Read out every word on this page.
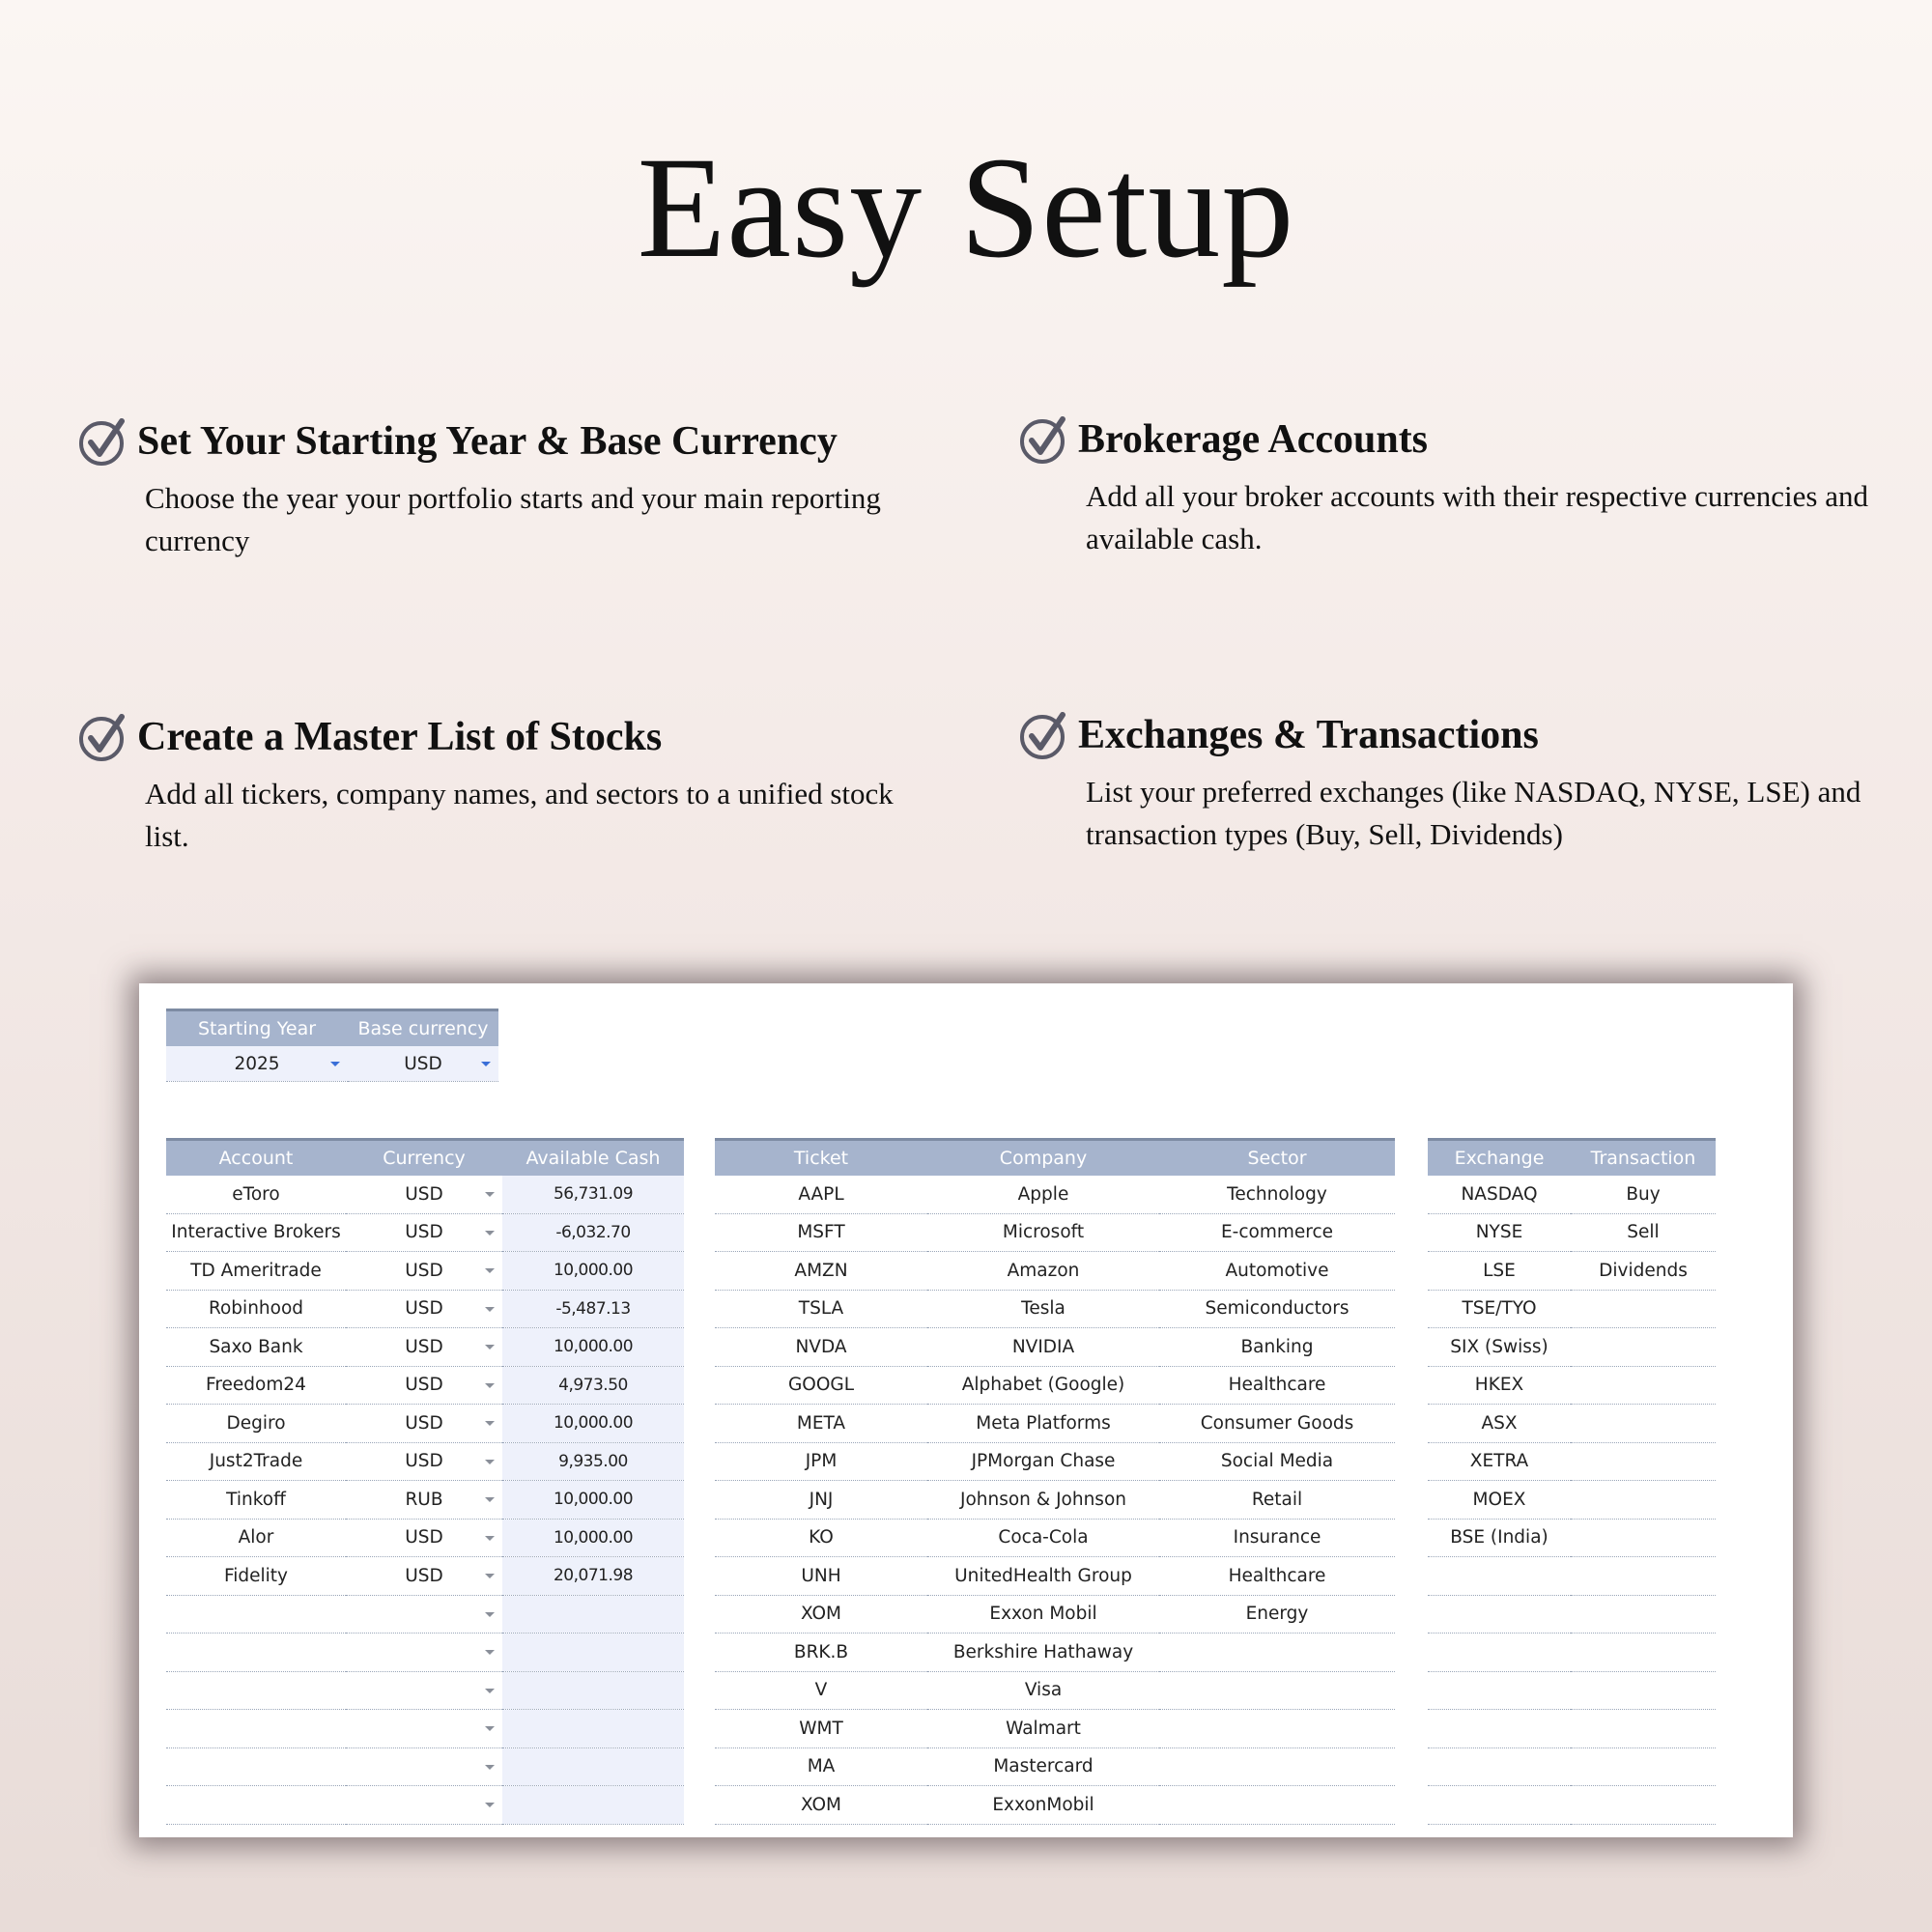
Easy Setup
Set Your Starting Year & Base Currency
Choose the year your portfolio starts and your main reporting currency
Brokerage Accounts
Add all your broker accounts with their respective currencies and available cash.
Create a Master List of Stocks
Add all tickers, company names, and sectors to a unified stock list.
Exchanges & Transactions
List your preferred exchanges (like NASDAQ, NYSE, LSE) and transaction types (Buy, Sell, Dividends)
Starting Year	Base currency
2025	USD
Account	Currency	Available Cash
eToro	USD	56,731.09
Interactive Brokers	USD	-6,032.70
TD Ameritrade	USD	10,000.00
Robinhood	USD	-5,487.13
Saxo Bank	USD	10,000.00
Freedom24	USD	4,973.50
Degiro	USD	10,000.00
Just2Trade	USD	9,935.00
Tinkoff	RUB	10,000.00
Alor	USD	10,000.00
Fidelity	USD	20,071.98

Ticket	Company	Sector
AAPL	Apple	Technology
MSFT	Microsoft	E-commerce
AMZN	Amazon	Automotive
TSLA	Tesla	Semiconductors
NVDA	NVIDIA	Banking
GOOGL	Alphabet (Google)	Healthcare
META	Meta Platforms	Consumer Goods
JPM	JPMorgan Chase	Social Media
JNJ	Johnson & Johnson	Retail
KO	Coca-Cola	Insurance
UNH	UnitedHealth Group	Healthcare
XOM	Exxon Mobil	Energy
BRK.B	Berkshire Hathaway	
V	Visa	
WMT	Walmart	
MA	Mastercard	
XOM	ExxonMobil	
Exchange	Transaction
NASDAQ	Buy
NYSE	Sell
LSE	Dividends
TSE/TYO	
SIX (Swiss)	
HKEX	
ASX	
XETRA	
MOEX	
BSE (India)	
